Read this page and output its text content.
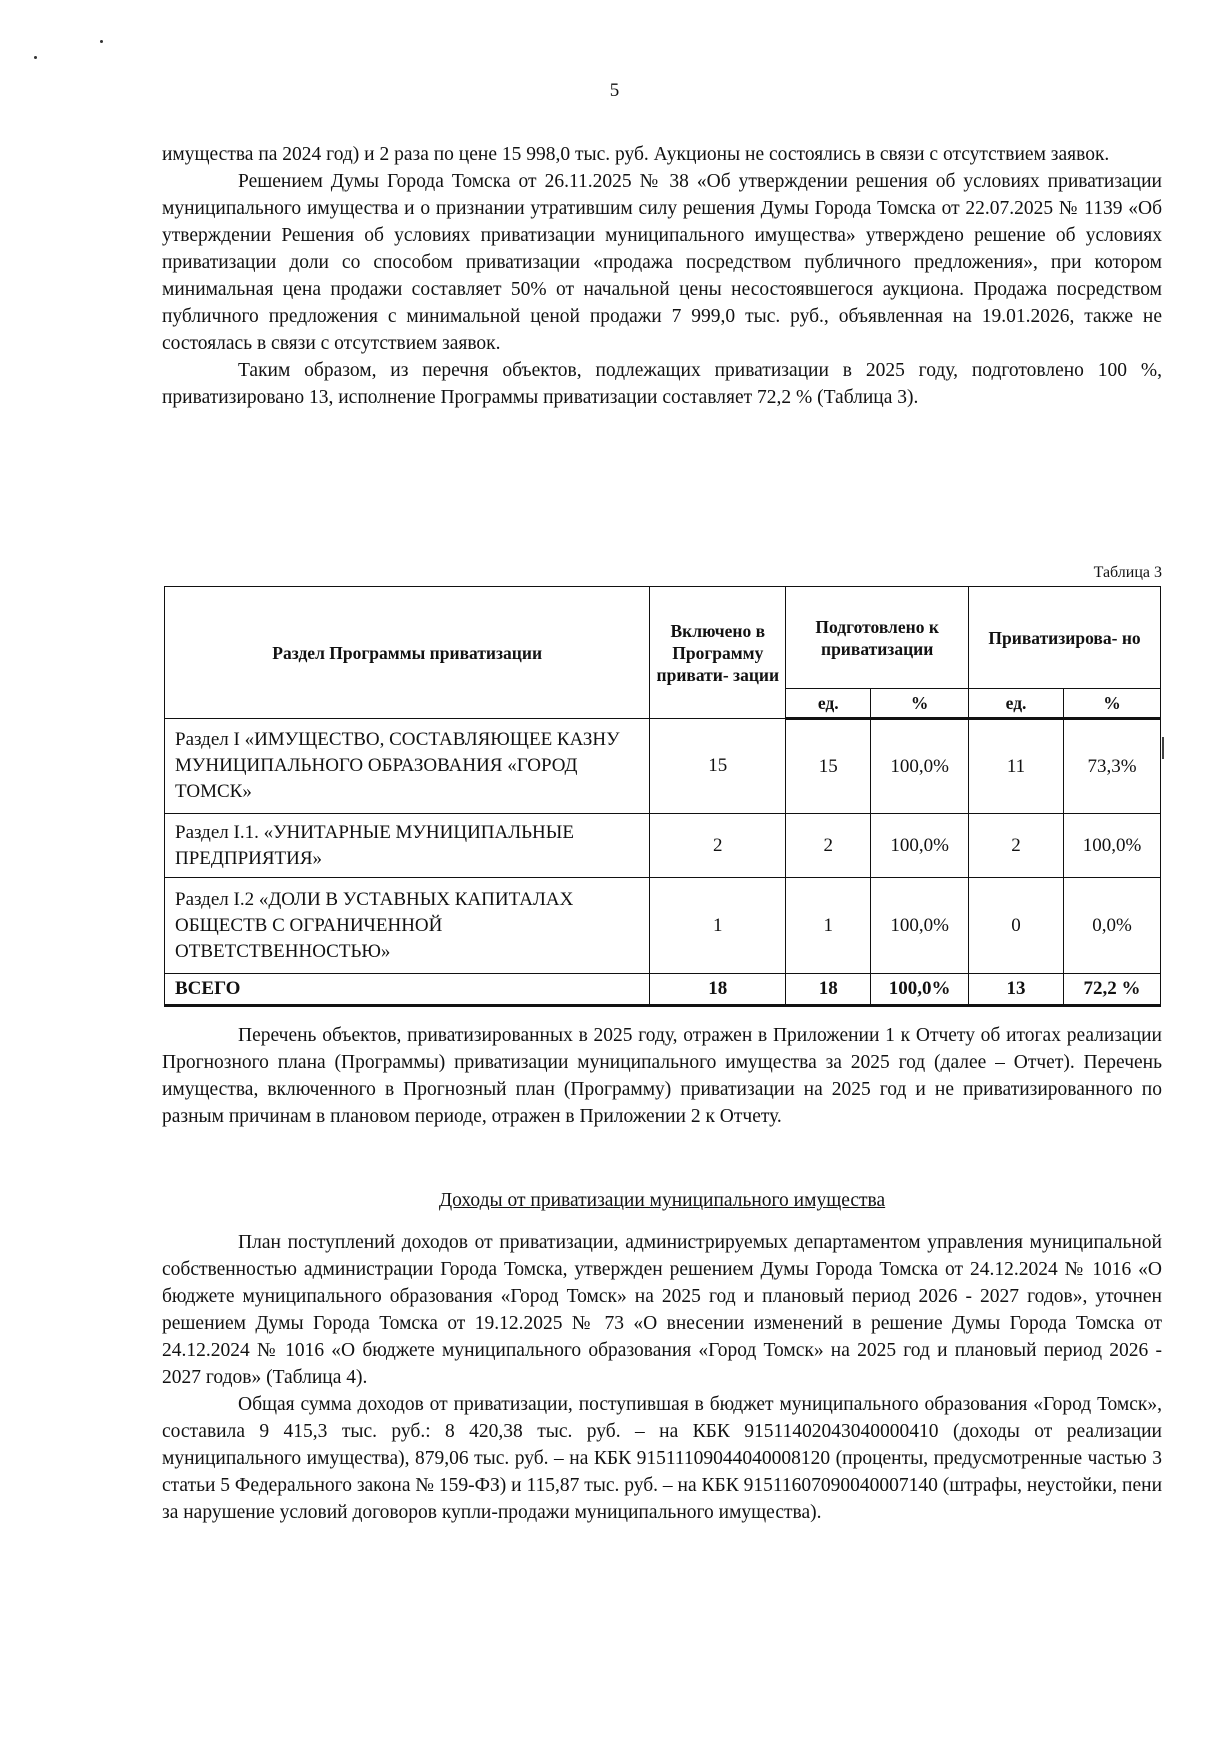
5

имущества па 2024 год) и 2 раза по цене 15 998,0 тыс. руб. Аукционы не состоялись в связи с отсутствием заявок.

Решением Думы Города Томска от 26.11.2025 № 38 «Об утверждении решения об условиях приватизации муниципального имущества и о признании утратившим силу решения Думы Города Томска от 22.07.2025 № 1139 «Об утверждении Решения об условиях приватизации муниципального имущества» утверждено решение об условиях приватизации доли со способом приватизации «продажа посредством публичного предложения», при котором минимальная цена продажи составляет 50% от начальной цены несостоявшегося аукциона. Продажа посредством публичного предложения с минимальной ценой продажи 7 999,0 тыс. руб., объявленная на 19.01.2026, также не состоялась в связи с отсутствием заявок.

Таким образом, из перечня объектов, подлежащих приватизации в 2025 году, подготовлено 100 %, приватизировано 13, исполнение Программы приватизации составляет 72,2 % (Таблица 3).

Таблица 3
Раздел Программы приватизации	Включено в Программу привати- зации	Подготовлено к приватизации		Приватизирова- но	
		ед.	%	ед.	%
Раздел I «ИМУЩЕСТВО, СОСТАВЛЯЮЩЕЕ КАЗНУ МУНИЦИПАЛЬНОГО ОБРАЗОВАНИЯ «ГОРОД ТОМСК»	15	15	100,0%	11	73,3%
Раздел I.1. «УНИТАРНЫЕ МУНИЦИПАЛЬНЫЕ ПРЕДПРИЯТИЯ»	2	2	100,0%	2	100,0%
Раздел I.2 «ДОЛИ В УСТАВНЫХ КАПИТАЛАХ ОБЩЕСТВ С ОГРАНИЧЕННОЙ ОТВЕТСТВЕННОСТЬЮ»	1	1	100,0%	0	0,0%
ВСЕГО	18	18	100,0%	13	72,2 %

Перечень объектов, приватизированных в 2025 году, отражен в Приложении 1 к Отчету об итогах реализации Прогнозного плана (Программы) приватизации муниципального имущества за 2025 год (далее – Отчет). Перечень имущества, включенного в Прогнозный план (Программу) приватизации на 2025 год и не приватизированного по разным причинам в плановом периоде, отражен в Приложении 2 к Отчету.

Доходы от приватизации муниципального имущества

План поступлений доходов от приватизации, администрируемых департаментом управления муниципальной собственностью администрации Города Томска, утвержден решением Думы Города Томска от 24.12.2024 № 1016 «О бюджете муниципального образования «Город Томск» на 2025 год и плановый период 2026 - 2027 годов», уточнен решением Думы Города Томска от 19.12.2025 № 73 «О внесении изменений в решение Думы Города Томска от 24.12.2024 № 1016 «О бюджете муниципального образования «Город Томск» на 2025 год и плановый период 2026 - 2027 годов» (Таблица 4).

Общая сумма доходов от приватизации, поступившая в бюджет муниципального образования «Город Томск», составила 9 415,3 тыс. руб.: 8 420,38 тыс. руб. – на КБК 91511402043040000410 (доходы от реализации муниципального имущества), 879,06 тыс. руб. – на КБК 91511109044040008120 (проценты, предусмотренные частью 3 статьи 5 Федерального закона № 159-ФЗ) и 115,87 тыс. руб. – на КБК 91511607090040007140 (штрафы, неустойки, пени за нарушение условий договоров купли-продажи муниципального имущества).
